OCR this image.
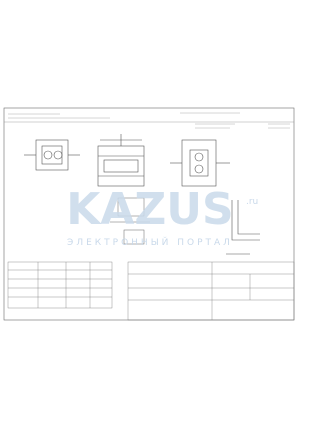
KAZUS .ru
ЭЛЕКТРОННЫЙ ПОРТАЛ
